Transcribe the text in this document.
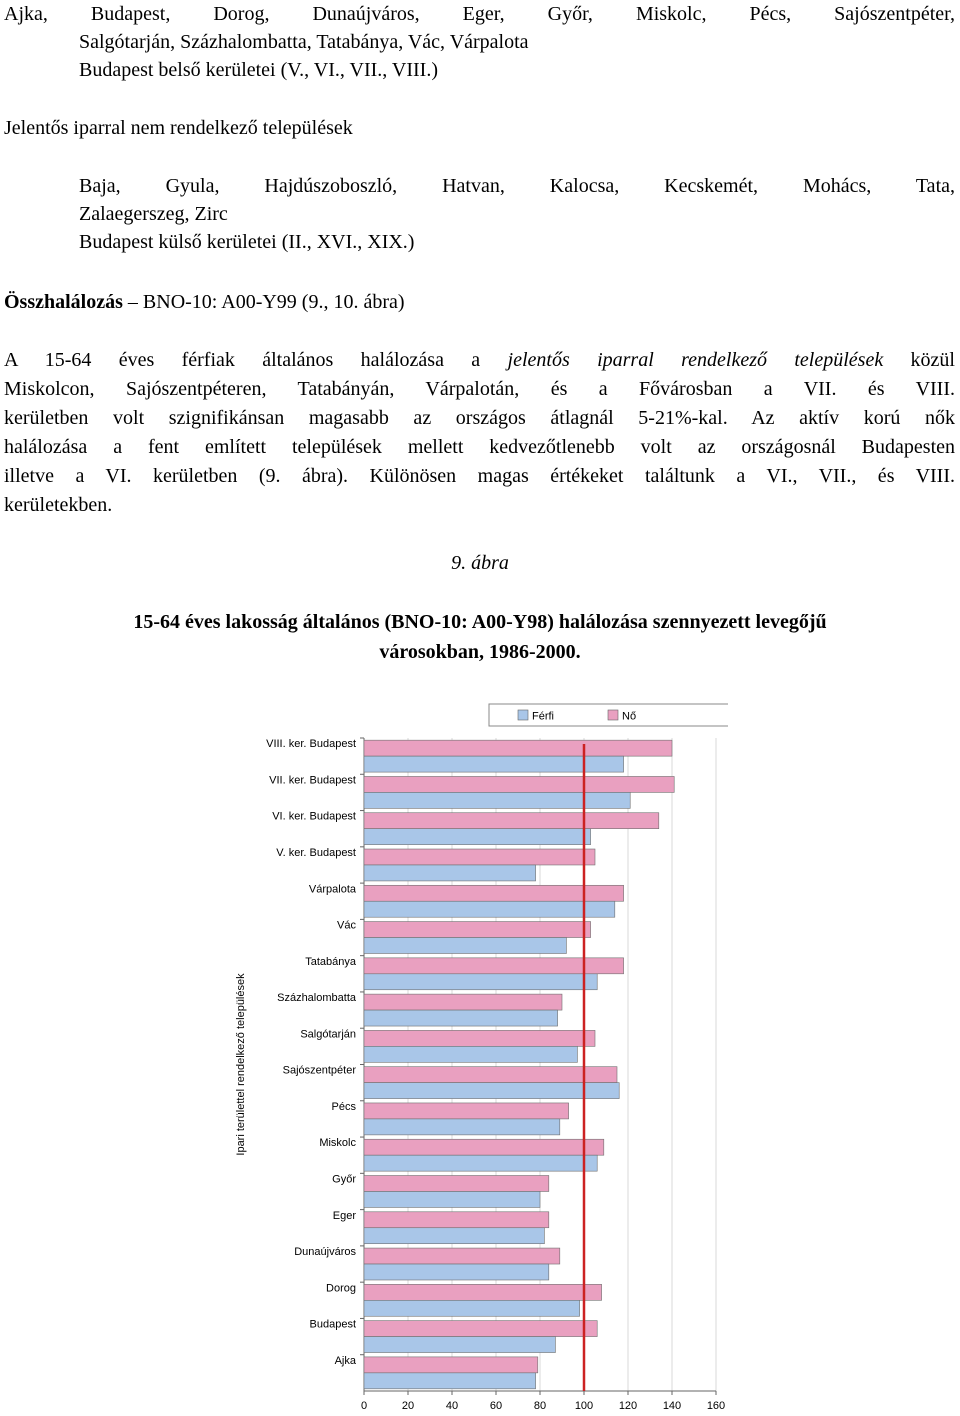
Ajka, Budapest, Dorog, Dunaújváros, Eger, Győr, Miskolc, Pécs, Sajószentpéter,
Salgótarján, Százhalombatta, Tatabánya, Vác, Várpalota
Budapest belső kerületei (V., VI., VII., VIII.)
Jelentős iparral nem rendelkező települések
Baja, Gyula, Hajdúszoboszló, Hatvan, Kalocsa, Kecskemét, Mohács, Tata,
Zalaegerszeg, Zirc
Budapest külső kerületei (II., XVI., XIX.)
Összhalálozás – BNO-10: A00-Y99 (9., 10. ábra)
A 15-64 éves férfiak általános halálozása a jelentős iparral rendelkező települések közül
Miskolcon, Sajószentpéteren, Tatabányán, Várpalotán, és a Fővárosban a VII. és VIII.
kerületben volt szignifikánsan magasabb az országos átlagnál 5-21%-kal. Az aktív korú nők
halálozása a fent említett települések mellett kedvezőtlenebb volt az országosnál Budapesten
illetve a VI. kerületben (9. ábra). Különösen magas értékeket találtunk a VI., VII., és VIII.
kerületekben.
9. ábra
15-64 éves lakosság általános (BNO-10: A00-Y98) halálozása szennyezett levegőjű
városokban, 1986-2000.
Férfi	Nő
0	20	40	60	80	100 120 140 160
VIII. ker. Budapest
VII. ker. Budapest
VI. ker. Budapest
V. ker. Budapest
Várpalota
Vác
Tatabánya
Százhalombatta
Salgótarján
Sajószentpéter
Pécs
Miskolc
Győr
Eger
Dunaújváros
Dorog
Budapest
Ajka
Ipari területtel rendelkező települések
